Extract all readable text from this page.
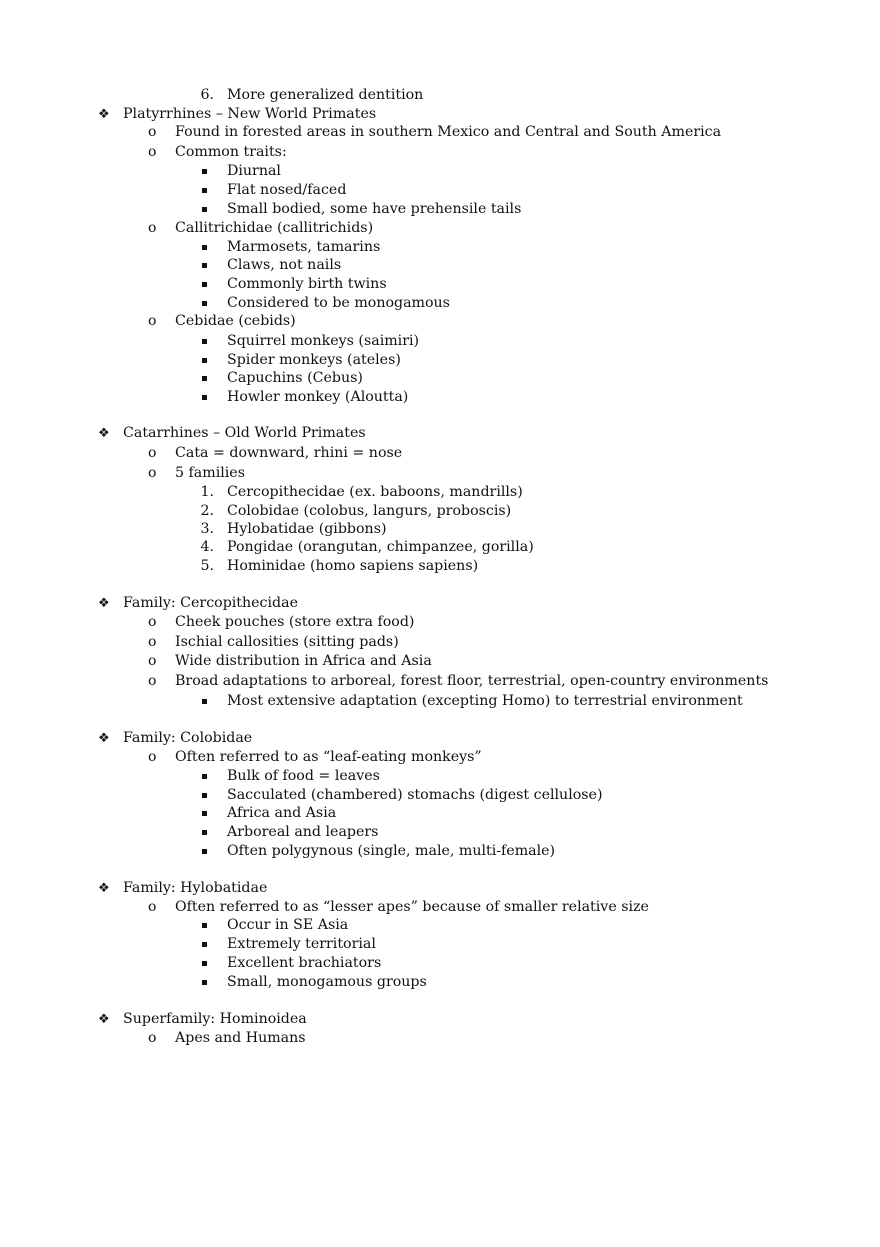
6. More generalized dentition
❖ Platyrrhines – New World Primates
o Found in forested areas in southern Mexico and Central and South America
o Common traits:
Diurnal
Flat nosed/faced
Small bodied, some have prehensile tails
o Callitrichidae (callitrichids)
Marmosets, tamarins
Claws, not nails
Commonly birth twins
Considered to be monogamous
o Cebidae (cebids)
Squirrel monkeys (saimiri)
Spider monkeys (ateles)
Capuchins (Cebus)
Howler monkey (Aloutta)
❖ Catarrhines – Old World Primates
o Cata = downward, rhini = nose
o 5 families
1. Cercopithecidae (ex. baboons, mandrills)
2. Colobidae (colobus, langurs, proboscis)
3. Hylobatidae (gibbons)
4. Pongidae (orangutan, chimpanzee, gorilla)
5. Hominidae (homo sapiens sapiens)
❖ Family: Cercopithecidae
o Cheek pouches (store extra food)
o Ischial callosities (sitting pads)
o Wide distribution in Africa and Asia
o Broad adaptations to arboreal, forest floor, terrestrial, open-country environments
Most extensive adaptation (excepting Homo) to terrestrial environment
❖ Family: Colobidae
o Often referred to as “leaf-eating monkeys”
Bulk of food = leaves
Sacculated (chambered) stomachs (digest cellulose)
Africa and Asia
Arboreal and leapers
Often polygynous (single, male, multi-female)
❖ Family: Hylobatidae
o Often referred to as “lesser apes” because of smaller relative size
Occur in SE Asia
Extremely territorial
Excellent brachiators
Small, monogamous groups
❖ Superfamily: Hominoidea
o Apes and Humans
